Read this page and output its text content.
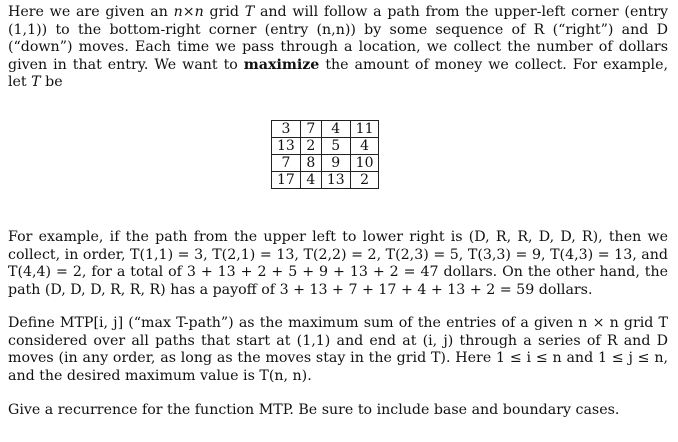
Here we are given an n×n grid T and will follow a path from the upper-left corner (entry (1,1)) to the bottom-right corner (entry (n,n)) by some sequence of R (“right”) and D (“down”) moves. Each time we pass through a location, we collect the number of dollars given in that entry. We want to maximize the amount of money we collect. For example, let T be

3	7	4	11
13	2	5	4
7	8	9	10
17	4	13	2

For example, if the path from the upper left to lower right is (D, R, R, D, D, R), then we collect, in order, T(1,1) = 3, T(2,1) = 13, T(2,2) = 2, T(2,3) = 5, T(3,3) = 9, T(4,3) = 13, and T(4,4) = 2, for a total of 3 + 13 + 2 + 5 + 9 + 13 + 2 = 47 dollars. On the other hand, the path (D, D, D, R, R, R) has a payoff of 3 + 13 + 7 + 17 + 4 + 13 + 2 = 59 dollars.

Define MTP[i, j] (“max T-path”) as the maximum sum of the entries of a given n × n grid T considered over all paths that start at (1,1) and end at (i, j) through a series of R and D moves (in any order, as long as the moves stay in the grid T). Here 1 ≤ i ≤ n and 1 ≤ j ≤ n, and the desired maximum value is T(n, n).

Give a recurrence for the function MTP. Be sure to include base and boundary cases.
